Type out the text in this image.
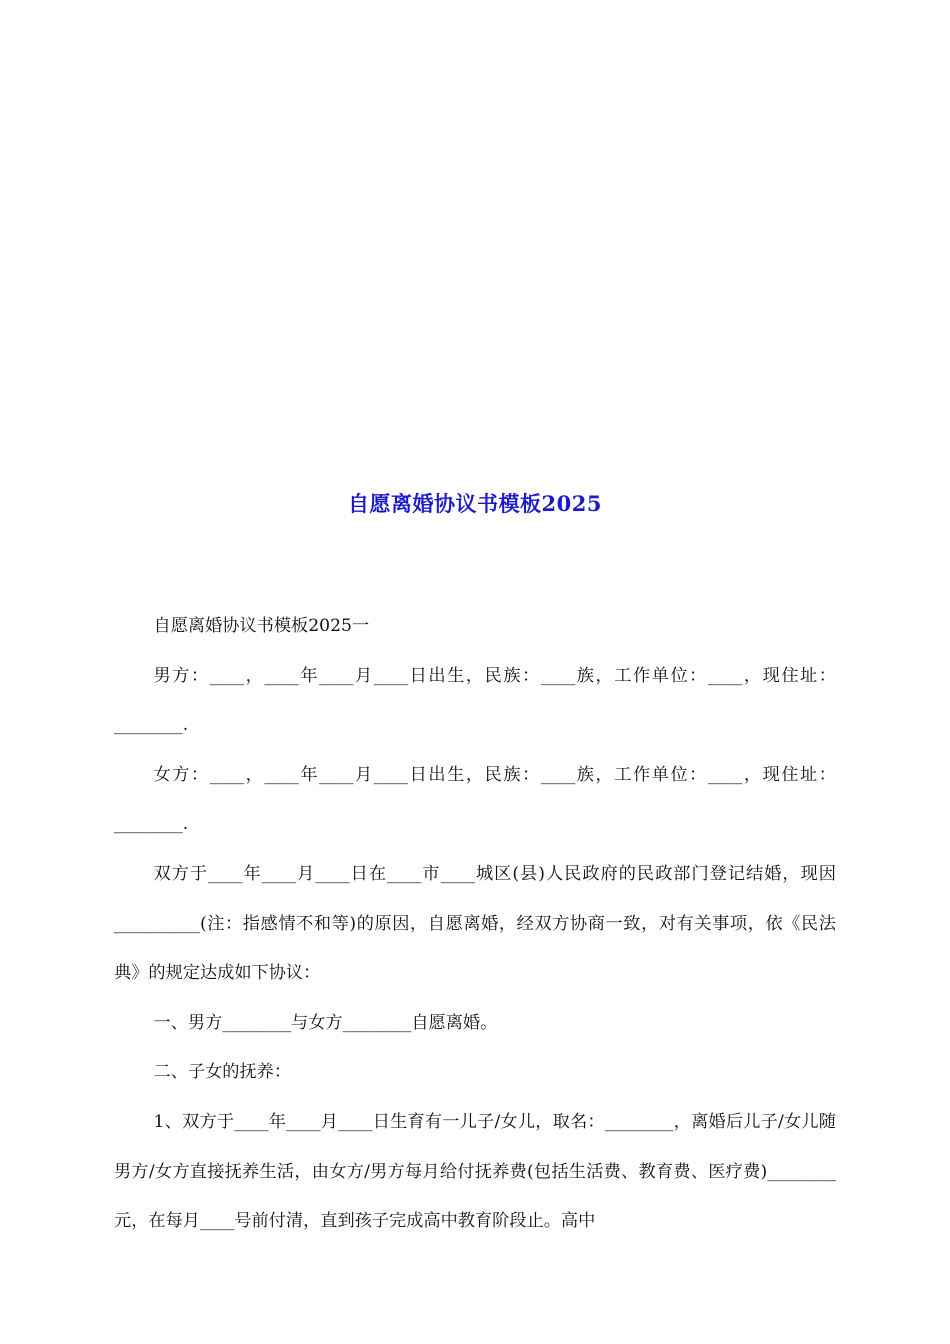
自愿离婚协议书模板2025

自愿离婚协议书模板2025一

男方：____，____年____月____日出生，民族：____族，工作单位：____，现住址：________.

女方：____，____年____月____日出生，民族：____族，工作单位：____，现住址：________.

双方于____年____月____日在____市____城区(县)人民政府的民政部门登记结婚，现因__________(注：指感情不和等)的原因，自愿离婚，经双方协商一致，对有关事项，依《民法典》的规定达成如下协议：

一、男方________与女方________自愿离婚。

二、子女的抚养：

1、双方于____年____月____日生育有一儿子/女儿，取名：________，离婚后儿子/女儿随男方/女方直接抚养生活，由女方/男方每月给付抚养费(包括生活费、教育费、医疗费)________元，在每月____号前付清，直到孩子完成高中教育阶段止。高中
